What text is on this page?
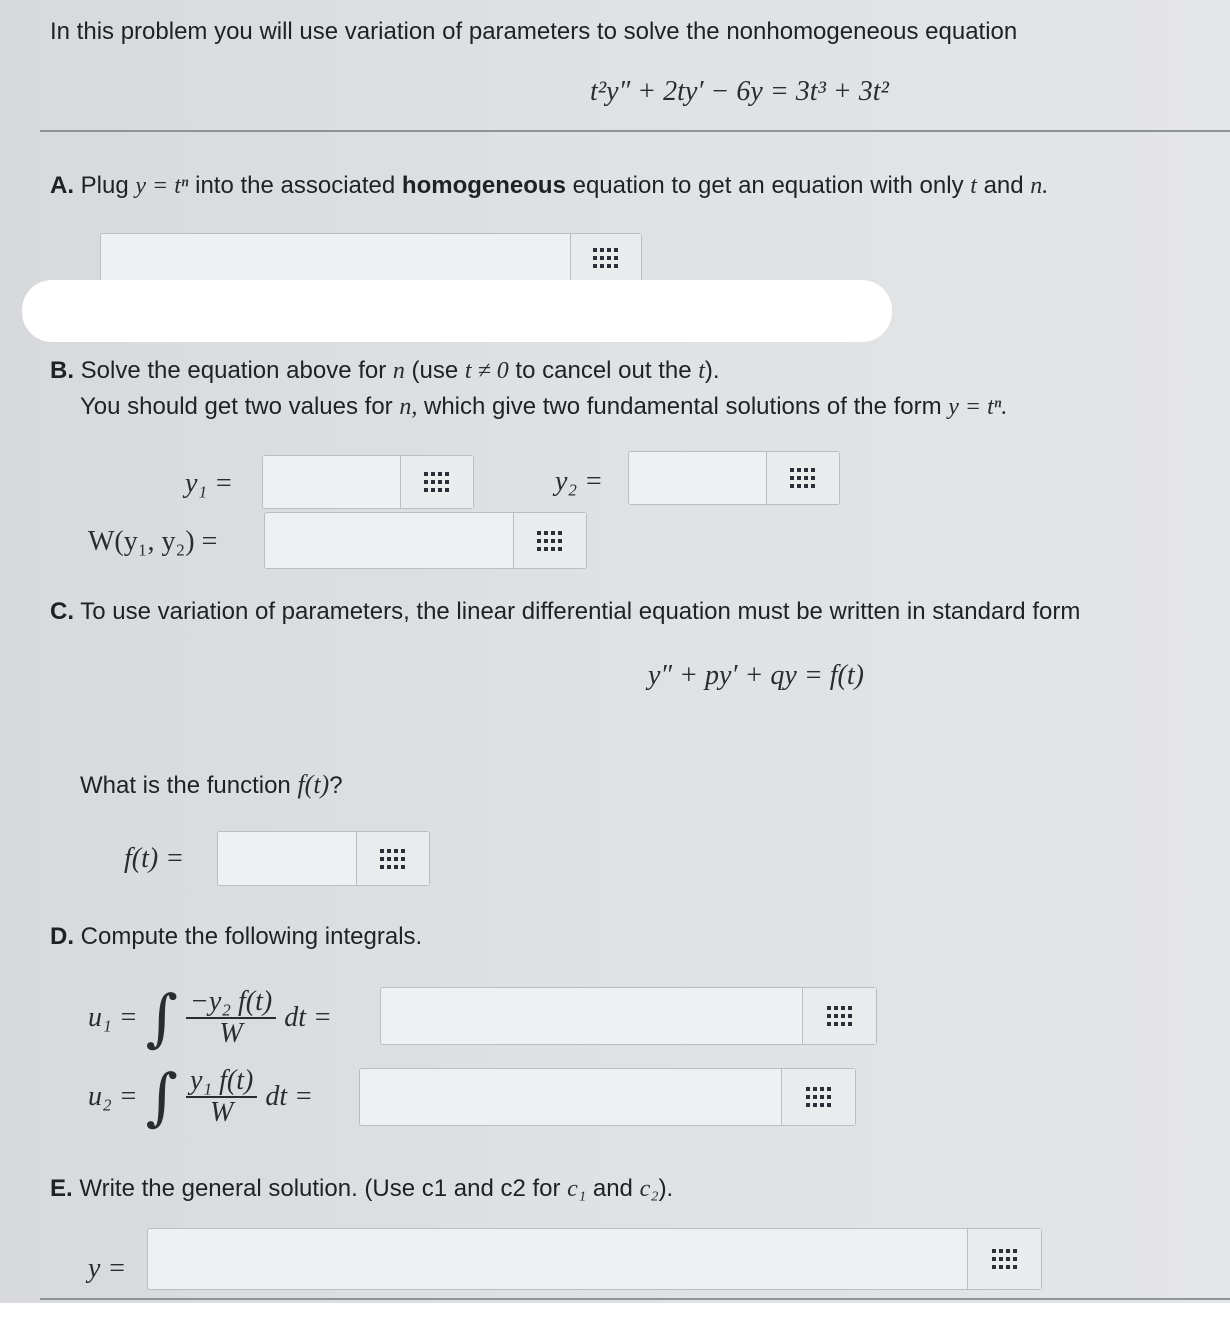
In this problem you will use variation of parameters to solve the nonhomogeneous equation
t²y″ + 2ty′ − 6y = 3t³ + 3t²
A. Plug y = tⁿ into the associated homogeneous equation to get an equation with only t and n.
B. Solve the equation above for n (use t ≠ 0 to cancel out the t).
You should get two values for n, which give two fundamental solutions of the form y = tⁿ.
y₁ =	y₂ =
W(y₁, y₂) =
C. To use variation of parameters, the linear differential equation must be written in standard form
y″ + py′ + qy = f(t)
What is the function f(t)?
f(t) =
D. Compute the following integrals.
u₁ = ∫ $\frac{\text{−y₂ f(t)}}{W}$ dt =
u₂ = ∫ $\frac{\text{y₁ f(t)}}{W}$ dt =
E. Write the general solution. (Use c1 and c2 for c₁ and c₂).
y =
